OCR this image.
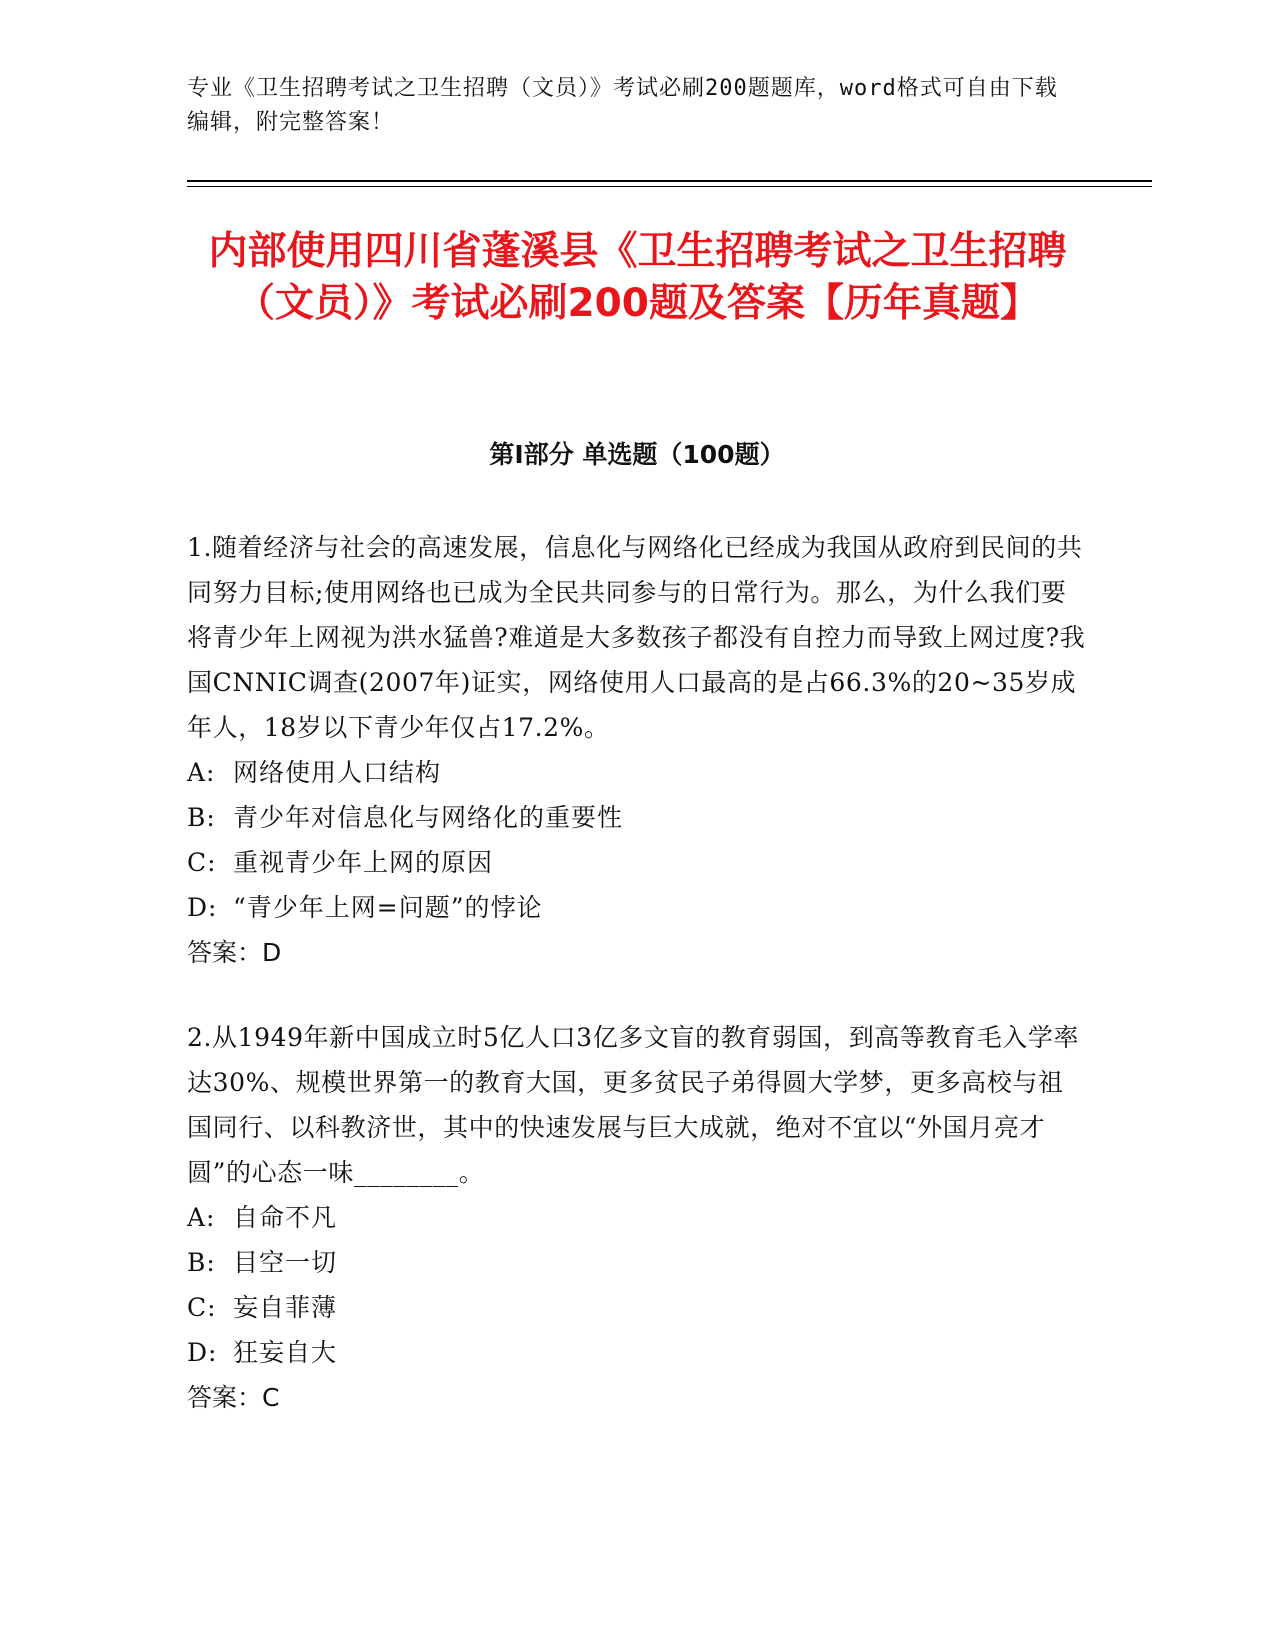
专业《卫生招聘考试之卫生招聘（文员）》考试必刷200题题库，word格式可自由下载编辑，附完整答案！
内部使用四川省蓬溪县《卫生招聘考试之卫生招聘（文员）》考试必刷200题及答案【历年真题】
第Ⅰ部分 单选题（100题）

1.随着经济与社会的高速发展，信息化与网络化已经成为我国从政府到民间的共同努力目标;使用网络也已成为全民共同参与的日常行为。那么，为什么我们要将青少年上网视为洪水猛兽?难道是大多数孩子都没有自控力而导致上网过度?我国CNNIC调查(2007年)证实，网络使用人口最高的是占66.3%的20~35岁成年人，18岁以下青少年仅占17.2%。

A: 网络使用人口结构
B: 青少年对信息化与网络化的重要性
C: 重视青少年上网的原因
D: “青少年上网=问题”的悖论
答案： D

2.从1949年新中国成立时5亿人口3亿多文盲的教育弱国，到高等教育毛入学率达30%、规模世界第一的教育大国，更多贫民子弟得圆大学梦，更多高校与祖国同行、以科教济世，其中的快速发展与巨大成就，绝对不宜以“外国月亮才圆”的心态一味________。

A: 自命不凡
B: 目空一切
C: 妄自菲薄
D: 狂妄自大
答案： C
